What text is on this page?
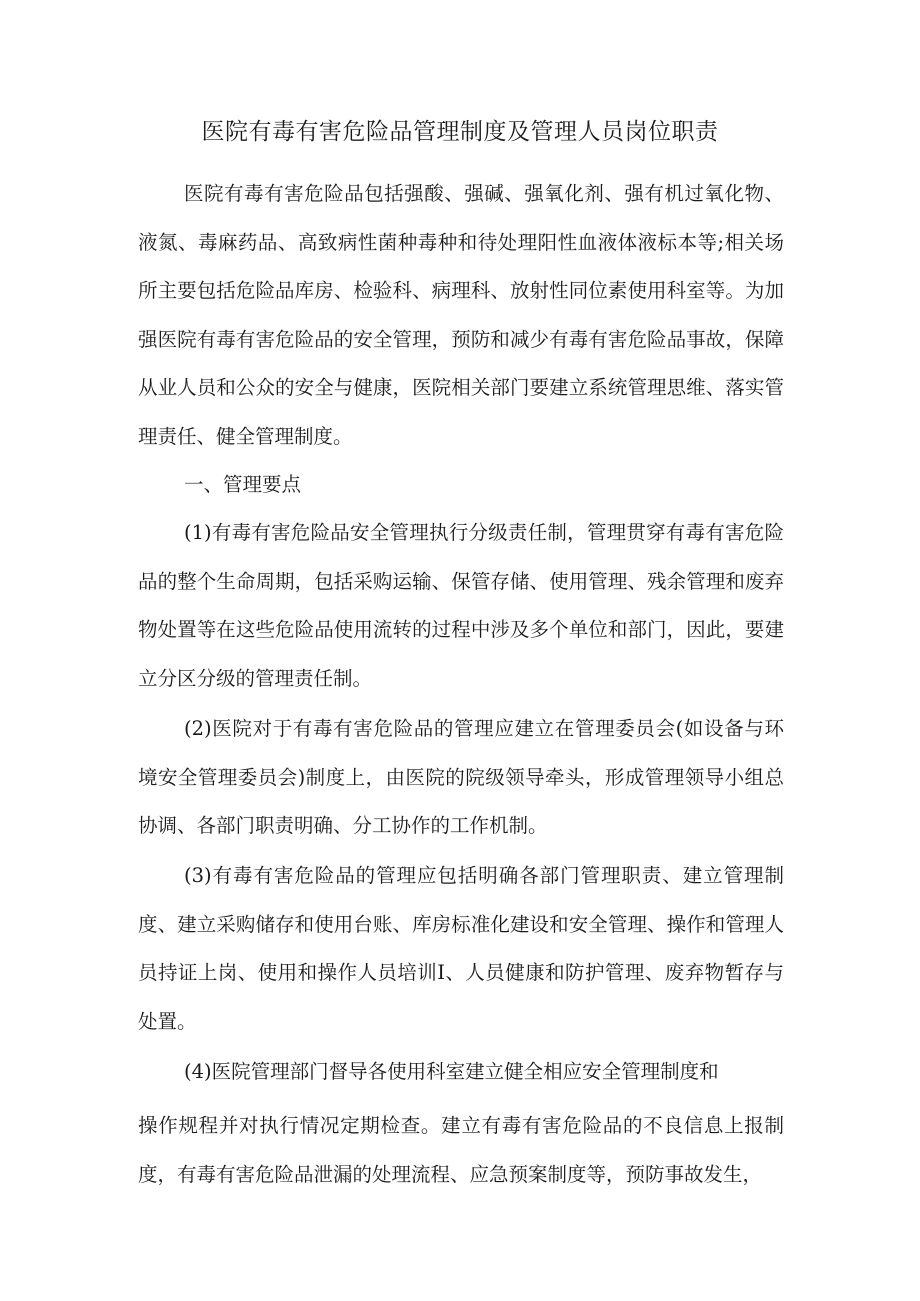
医院有毒有害危险品管理制度及管理人员岗位职责

医院有毒有害危险品包括强酸、强碱、强氧化剂、强有机过氧化物、液氮、毒麻药品、高致病性菌种毒种和待处理阳性血液体液标本等;相关场所主要包括危险品库房、检验科、病理科、放射性同位素使用科室等。为加强医院有毒有害危险品的安全管理，预防和减少有毒有害危险品事故，保障从业人员和公众的安全与健康，医院相关部门要建立系统管理思维、落实管理责任、健全管理制度。

一、管理要点

(1)有毒有害危险品安全管理执行分级责任制，管理贯穿有毒有害危险品的整个生命周期，包括采购运输、保管存储、使用管理、残余管理和废弃物处置等在这些危险品使用流转的过程中涉及多个单位和部门，因此，要建立分区分级的管理责任制。

(2)医院对于有毒有害危险品的管理应建立在管理委员会(如设备与环境安全管理委员会)制度上，由医院的院级领导牵头，形成管理领导小组总协调、各部门职责明确、分工协作的工作机制。

(3)有毒有害危险品的管理应包括明确各部门管理职责、建立管理制度、建立采购储存和使用台账、库房标准化建设和安全管理、操作和管理人员持证上岗、使用和操作人员培训I、人员健康和防护管理、废弃物暂存与处置。

(4)医院管理部门督导各使用科室建立健全相应安全管理制度和

操作规程并对执行情况定期检查。建立有毒有害危险品的不良信息上报制度，有毒有害危险品泄漏的处理流程、应急预案制度等，预防事故发生，
